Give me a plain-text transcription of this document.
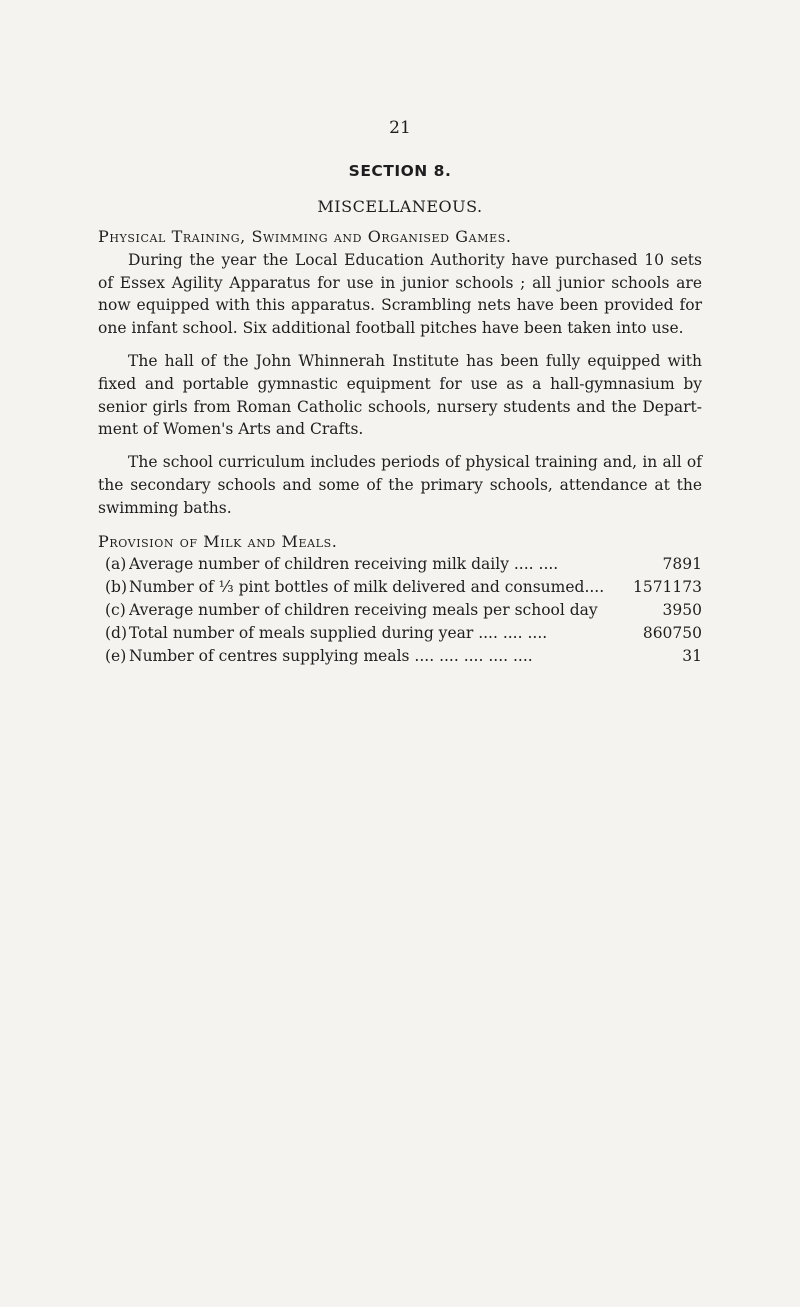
21
SECTION 8.
MISCELLANEOUS.
Physical Training, Swimming and Organised Games.

During the year the Local Education Authority have purchased 10 sets of Essex Agility Apparatus for use in junior schools ; all junior schools are now equipped with this apparatus. Scrambling nets have been provided for one infant school. Six additional football pitches have been taken into use.

The hall of the John Whinnerah Institute has been fully equipped with fixed and portable gymnastic equipment for use as a hall-gymnasium by senior girls from Roman Catholic schools, nursery students and the Depart-ment of Women's Arts and Crafts.

The school curriculum includes periods of physical training and, in all of the secondary schools and some of the primary schools, attendance at the swimming baths.

Provision of Milk and Meals.
(a) Average number of children receiving milk daily .... ....	7891
(b) Number of ⅓ pint bottles of milk delivered and consumed....	1571173
(c) Average number of children receiving meals per school day	3950
(d) Total number of meals supplied during year .... .... ....	860750
(e) Number of centres supplying meals .... .... .... .... ....	31
